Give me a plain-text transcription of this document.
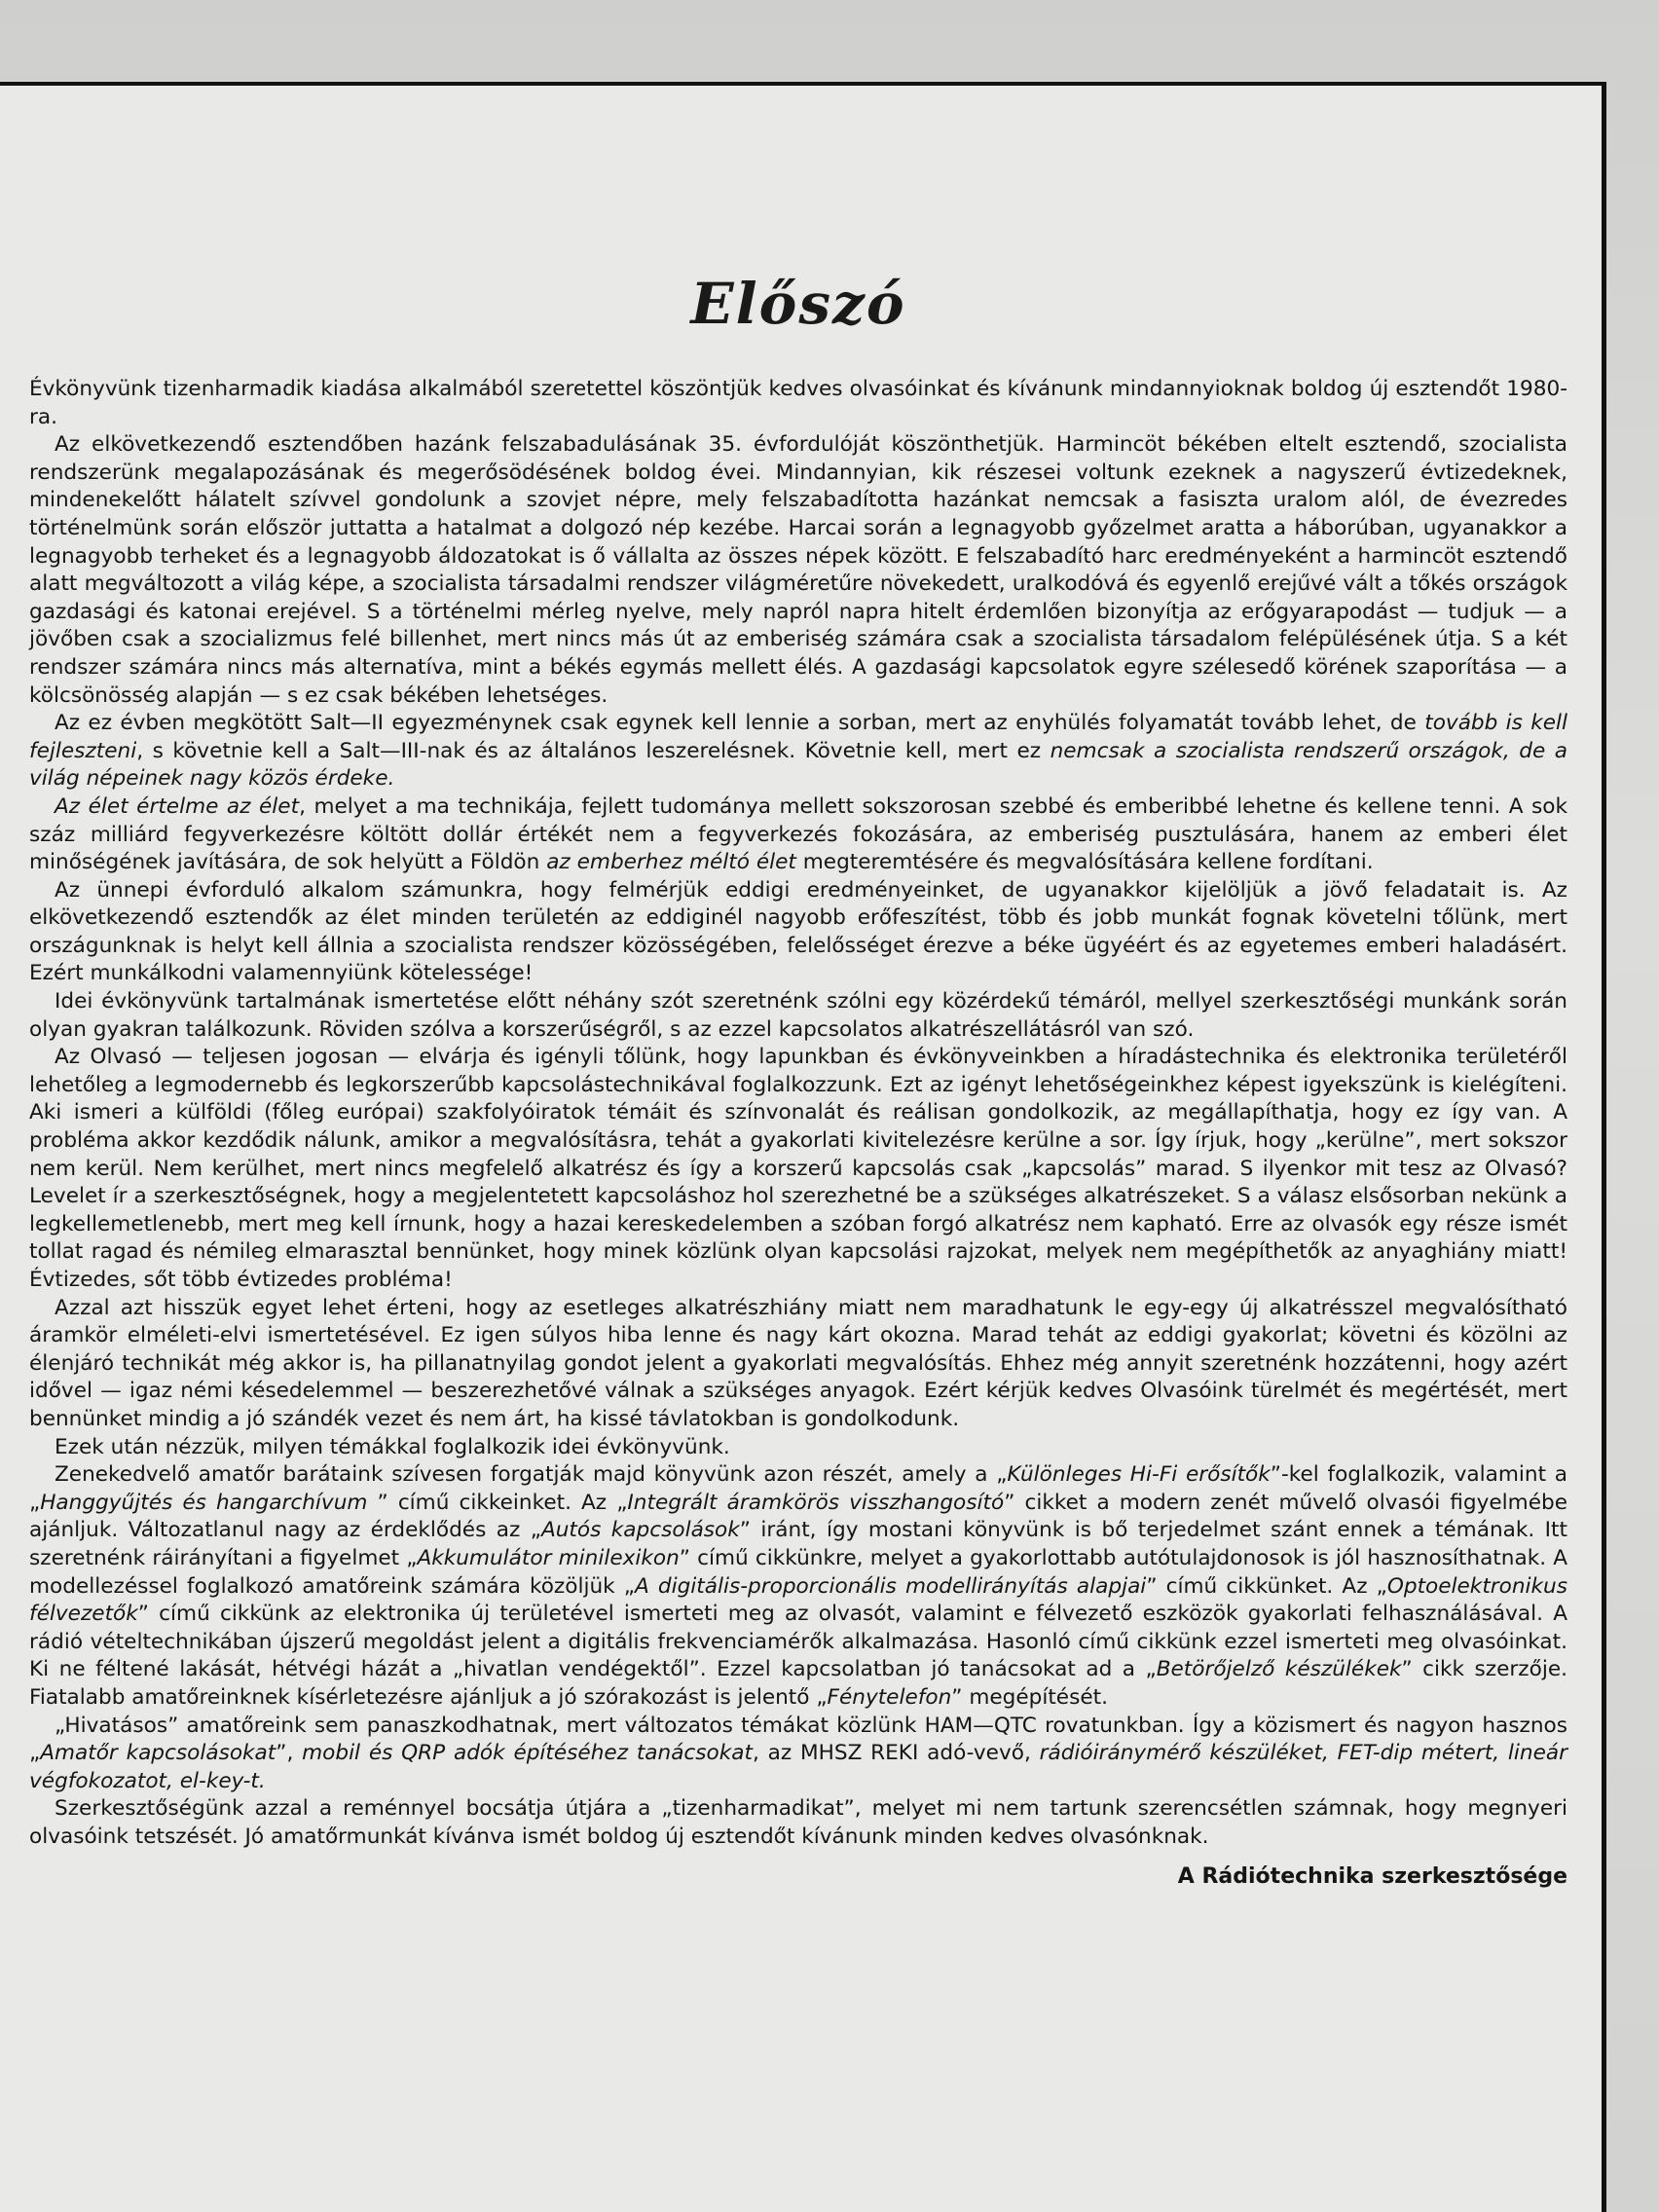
Előszó

Évkönyvünk tizenharmadik kiadása alkalmából szeretettel köszöntjük kedves olvasóinkat és kívánunk mindannyioknak boldog új esztendőt 1980-ra.

Az elkövetkezendő esztendőben hazánk felszabadulásának 35. évfordulóját köszönthetjük. Harmincöt békében eltelt esztendő, szocialista rendszerünk megalapozásának és megerősödésének boldog évei. Mindannyian, kik részesei voltunk ezeknek a nagyszerű évtizedeknek, mindenekelőtt hálatelt szívvel gondolunk a szovjet népre, mely felszabadította hazánkat nemcsak a fasiszta uralom alól, de évezredes történelmünk során először juttatta a hatalmat a dolgozó nép kezébe. Harcai során a legnagyobb győzelmet aratta a háborúban, ugyanakkor a legnagyobb terheket és a legnagyobb áldozatokat is ő vállalta az összes népek között. E felszabadító harc eredményeként a harmincöt esztendő alatt megváltozott a világ képe, a szocialista társadalmi rendszer világméretűre növekedett, uralkodóvá és egyenlő erejűvé vált a tőkés országok gazdasági és katonai erejével. S a történelmi mérleg nyelve, mely napról napra hitelt érdemlően bizonyítja az erőgyarapodást — tudjuk — a jövőben csak a szocializmus felé billenhet, mert nincs más út az emberiség számára csak a szocialista társadalom felépülésének útja. S a két rendszer számára nincs más alternatíva, mint a békés egymás mellett élés. A gazdasági kapcsolatok egyre szélesedő körének szaporítása — a kölcsönösség alapján — s ez csak békében lehetséges.

Az ez évben megkötött Salt—II egyezménynek csak egynek kell lennie a sorban, mert az enyhülés folyamatát tovább lehet, de tovább is kell fejleszteni, s követnie kell a Salt—III-nak és az általános leszerelésnek. Követnie kell, mert ez nemcsak a szocialista rendszerű országok, de a világ népeinek nagy közös érdeke.

Az élet értelme az élet, melyet a ma technikája, fejlett tudománya mellett sokszorosan szebbé és emberibbé lehetne és kellene tenni. A sok száz milliárd fegyverkezésre költött dollár értékét nem a fegyverkezés fokozására, az emberiség pusztulására, hanem az emberi élet minőségének javítására, de sok helyütt a Földön az emberhez méltó élet megteremtésére és megvalósítására kellene fordítani.

Az ünnepi évforduló alkalom számunkra, hogy felmérjük eddigi eredményeinket, de ugyanakkor kijelöljük a jövő feladatait is. Az elkövetkezendő esztendők az élet minden területén az eddiginél nagyobb erőfeszítést, több és jobb munkát fognak követelni tőlünk, mert országunknak is helyt kell állnia a szocialista rendszer közösségében, felelősséget érezve a béke ügyéért és az egyetemes emberi haladásért. Ezért munkálkodni valamennyiünk kötelessége!

Idei évkönyvünk tartalmának ismertetése előtt néhány szót szeretnénk szólni egy közérdekű témáról, mellyel szerkesztőségi munkánk során olyan gyakran találkozunk. Röviden szólva a korszerűségről, s az ezzel kapcsolatos alkatrészellátásról van szó.

Az Olvasó — teljesen jogosan — elvárja és igényli tőlünk, hogy lapunkban és évkönyveinkben a híradástechnika és elektronika területéről lehetőleg a legmodernebb és legkorszerűbb kapcsolástechnikával foglalkozzunk. Ezt az igényt lehetőségeinkhez képest igyekszünk is kielégíteni. Aki ismeri a külföldi (főleg európai) szakfolyóiratok témáit és színvonalát és reálisan gondolkozik, az megállapíthatja, hogy ez így van. A probléma akkor kezdődik nálunk, amikor a megvalósításra, tehát a gyakorlati kivitelezésre kerülne a sor. Így írjuk, hogy „kerülne”, mert sokszor nem kerül. Nem kerülhet, mert nincs megfelelő alkatrész és így a korszerű kapcsolás csak „kapcsolás” marad. S ilyenkor mit tesz az Olvasó? Levelet ír a szerkesztőségnek, hogy a megjelentetett kapcsoláshoz hol szerezhetné be a szükséges alkatrészeket. S a válasz elsősorban nekünk a legkellemetlenebb, mert meg kell írnunk, hogy a hazai kereskedelemben a szóban forgó alkatrész nem kapható. Erre az olvasók egy része ismét tollat ragad és némileg elmarasztal bennünket, hogy minek közlünk olyan kapcsolási rajzokat, melyek nem megépíthetők az anyaghiány miatt! Évtizedes, sőt több évtizedes probléma!

Azzal azt hisszük egyet lehet érteni, hogy az esetleges alkatrészhiány miatt nem maradhatunk le egy-egy új alkatrésszel megvalósítható áramkör elméleti-elvi ismertetésével. Ez igen súlyos hiba lenne és nagy kárt okozna. Marad tehát az eddigi gyakorlat; követni és közölni az élenjáró technikát még akkor is, ha pillanatnyilag gondot jelent a gyakorlati megvalósítás. Ehhez még annyit szeretnénk hozzátenni, hogy azért idővel — igaz némi késedelemmel — beszerezhetővé válnak a szükséges anyagok. Ezért kérjük kedves Olvasóink türelmét és megértését, mert bennünket mindig a jó szándék vezet és nem árt, ha kissé távlatokban is gondolkodunk.

Ezek után nézzük, milyen témákkal foglalkozik idei évkönyvünk.

Zenekedvelő amatőr barátaink szívesen forgatják majd könyvünk azon részét, amely a „Különleges Hi-Fi erősítők”-kel foglalkozik, valamint a „Hanggyűjtés és hangarchívum ” című cikkeinket. Az „Integrált áramkörös visszhangosító” cikket a modern zenét művelő olvasói figyelmébe ajánljuk. Változatlanul nagy az érdeklődés az „Autós kapcsolások” iránt, így mostani könyvünk is bő terjedelmet szánt ennek a témának. Itt szeretnénk ráirányítani a figyelmet „Akkumulátor minilexikon” című cikkünkre, melyet a gyakorlottabb autótulajdonosok is jól hasznosíthatnak. A modellezéssel foglalkozó amatőreink számára közöljük „A digitális-proporcionális modellirányítás alapjai” című cikkünket. Az „Optoelektronikus félvezetők” című cikkünk az elektronika új területével ismerteti meg az olvasót, valamint e félvezető eszközök gyakorlati felhasználásával. A rádió vételtechnikában újszerű megoldást jelent a digitális frekvenciamérők alkalmazása. Hasonló című cikkünk ezzel ismerteti meg olvasóinkat. Ki ne féltené lakását, hétvégi házát a „hivatlan vendégektől”. Ezzel kapcsolatban jó tanácsokat ad a „Betörőjelző készülékek” cikk szerzője. Fiatalabb amatőreinknek kísérletezésre ajánljuk a jó szórakozást is jelentő „Fénytelefon” megépítését.

„Hivatásos” amatőreink sem panaszkodhatnak, mert változatos témákat közlünk HAM—QTC rovatunkban. Így a közismert és nagyon hasznos „Amatőr kapcsolásokat”, mobil és QRP adók építéséhez tanácsokat, az MHSZ REKI adó-vevő, rádióiránymérő készüléket, FET-dip métert, lineár végfokozatot, el-key-t.

Szerkesztőségünk azzal a reménnyel bocsátja útjára a „tizenharmadikat”, melyet mi nem tartunk szerencsétlen számnak, hogy megnyeri olvasóink tetszését. Jó amatőrmunkát kívánva ismét boldog új esztendőt kívánunk minden kedves olvasónknak.

A Rádiótechnika szerkesztősége
